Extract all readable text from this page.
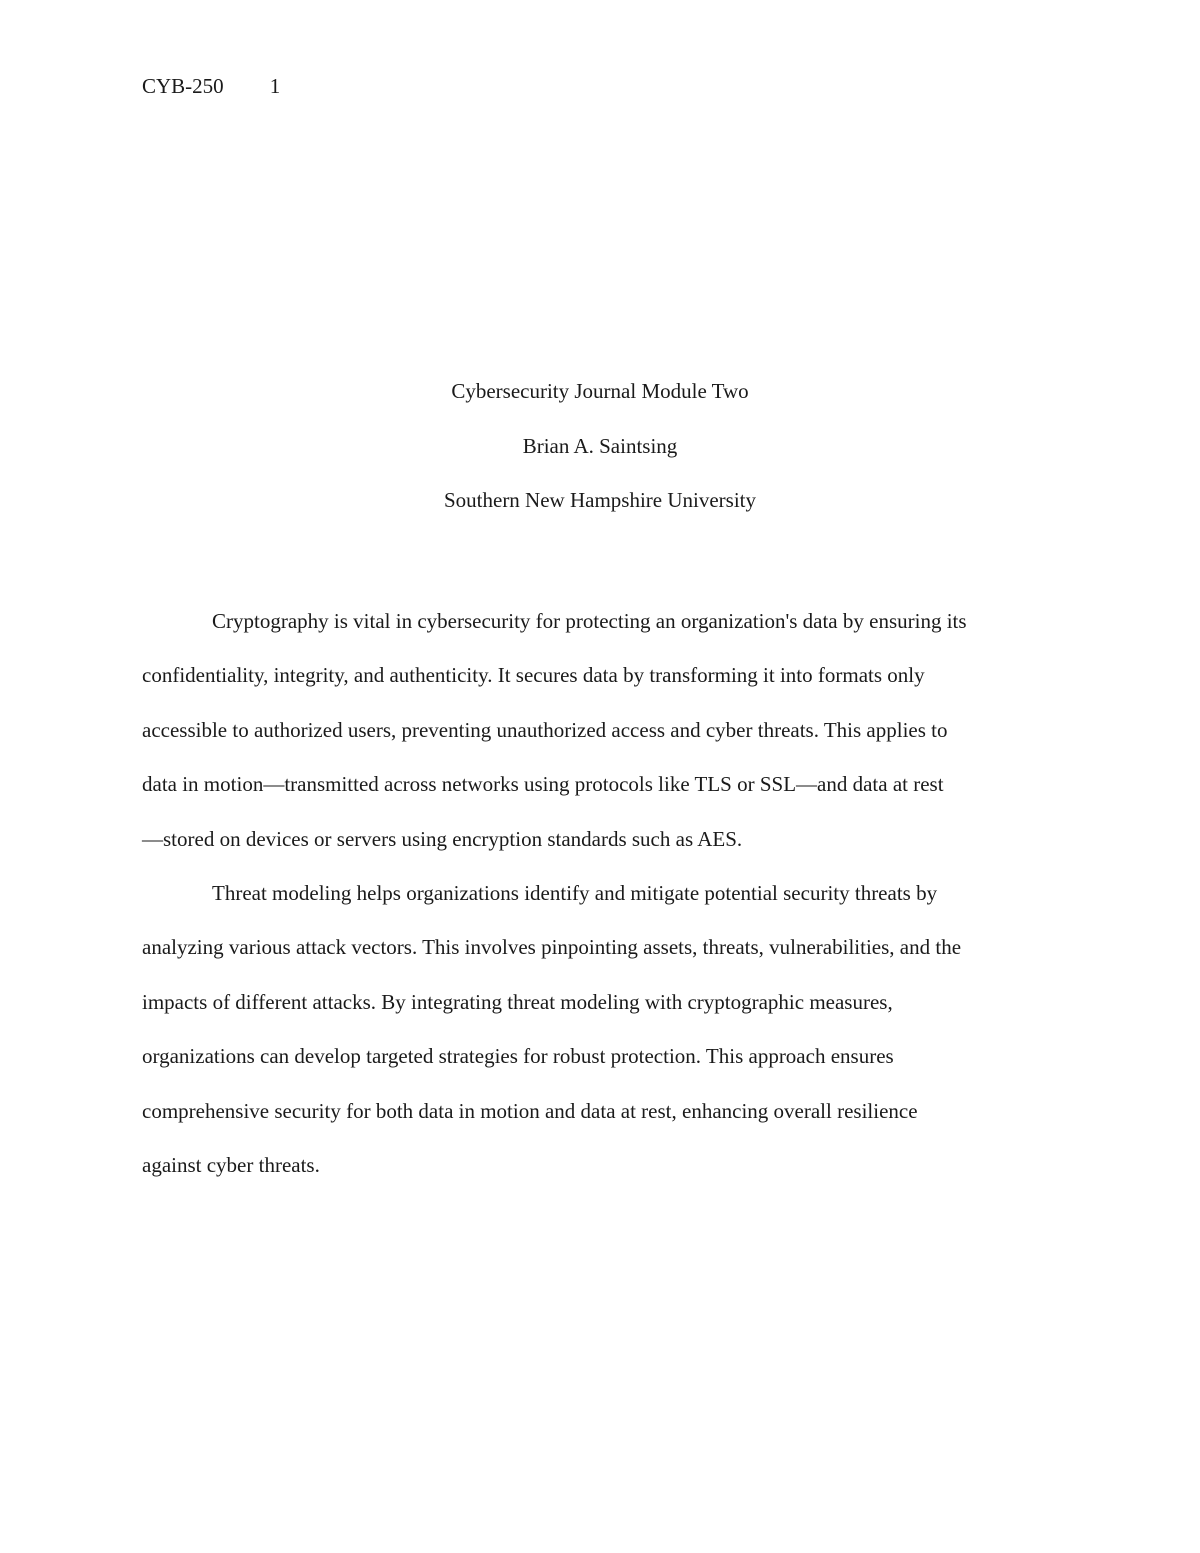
CYB-250 1
Cybersecurity Journal Module Two
Brian A. Saintsing
Southern New Hampshire University
Cryptography is vital in cybersecurity for protecting an organization's data by ensuring its
confidentiality, integrity, and authenticity. It secures data by transforming it into formats only
accessible to authorized users, preventing unauthorized access and cyber threats. This applies to
data in motion—transmitted across networks using protocols like TLS or SSL—and data at rest
—stored on devices or servers using encryption standards such as AES.
Threat modeling helps organizations identify and mitigate potential security threats by
analyzing various attack vectors. This involves pinpointing assets, threats, vulnerabilities, and the
impacts of different attacks. By integrating threat modeling with cryptographic measures,
organizations can develop targeted strategies for robust protection. This approach ensures
comprehensive security for both data in motion and data at rest, enhancing overall resilience
against cyber threats.
